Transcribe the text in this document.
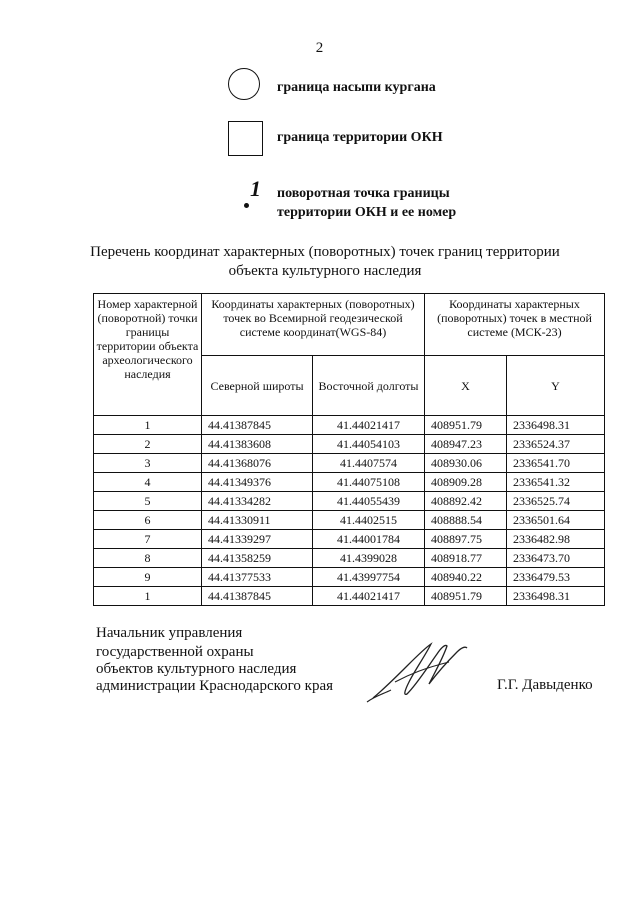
2
граница насыпи кургана
граница территории ОКН
1 поворотная точка границы
территории ОКН и ее номер
Перечень координат характерных (поворотных) точек границ территории
объекта культурного наследия
Номер характерной (поворотной) точки границы территории объекта археологического наследия	Координаты характерных (поворотных) точек во Всемирной геодезической системе координат(WGS-84)		Координаты характерных (поворотных) точек в местной системе (МСК-23)	
	Северной широты	Восточной долготы	X	Y
1	44.41387845	41.44021417	408951.79	2336498.31
2	44.41383608	41.44054103	408947.23	2336524.37
3	44.41368076	41.4407574	408930.06	2336541.70
4	44.41349376	41.44075108	408909.28	2336541.32
5	44.41334282	41.44055439	408892.42	2336525.74
6	44.41330911	41.4402515	408888.54	2336501.64
7	44.41339297	41.44001784	408897.75	2336482.98
8	44.41358259	41.4399028	408918.77	2336473.70
9	44.41377533	41.43997754	408940.22	2336479.53
1	44.41387845	41.44021417	408951.79	2336498.31
Начальник управления
государственной охраны
объектов культурного наследия
администрации Краснодарского края	Г.Г. Давыденко
